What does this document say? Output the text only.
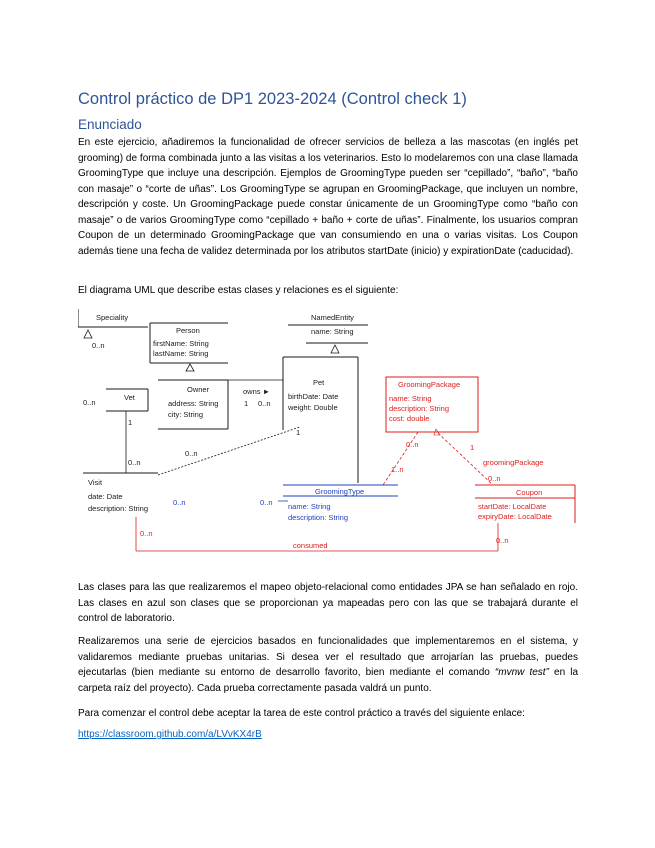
Control práctico de DP1 2023-2024 (Control check 1)
Enunciado

En este ejercicio, añadiremos la funcionalidad de ofrecer servicios de belleza a las mascotas (en inglés pet grooming) de forma combinada junto a las visitas a los veterinarios. Esto lo modelaremos con una clase llamada GroomingType que incluye una descripción. Ejemplos de GroomingType pueden ser “cepillado”, “baño”, “baño con masaje” o “corte de uñas”. Los GroomingType se agrupan en GroomingPackage, que incluyen un nombre, descripción y coste. Un GroomingPackage puede constar únicamente de un GroomingType como “baño con masaje” o de varios GroomingType como “cepillado + baño + corte de uñas”. Finalmente, los usuarios compran Coupon de un determinado GroomingPackage que van consumiendo en una o varias visitas. Los Coupon además tiene una fecha de validez determinada por los atributos startDate (inicio) y expirationDate (caducidad).

El diagrama UML que describe estas clases y relaciones es el siguiente:

Speciality
0..n
Person
firstName: String
lastName: String
NamedEntity
name: String
Vet
0..n
1
Owner
address: String
city: String
owns ►
1 0..n
Pet
birthDate: Date
weight: Double
1
0..n
0..n
Visit
date: Date
description: String
0..n
0..n
GroomingType
name: String
description: String
0..n
GroomingPackage
name: String
description: String
cost: double
0..n
1..n
1
groomingPackage
0..n
Coupon
startDate: LocalDate
expiryDate: LocalDate
0..n
consumed

Las clases para las que realizaremos el mapeo objeto-relacional como entidades JPA se han señalado en rojo. Las clases en azul son clases que se proporcionan ya mapeadas pero con las que se trabajará durante el control de laboratorio.

Realizaremos una serie de ejercicios basados en funcionalidades que implementaremos en el sistema, y validaremos mediante pruebas unitarias. Si desea ver el resultado que arrojarían las pruebas, puedes ejecutarlas (bien mediante su entorno de desarrollo favorito, bien mediante el comando “mvnw test” en la carpeta raíz del proyecto). Cada prueba correctamente pasada valdrá un punto.

Para comenzar el control debe aceptar la tarea de este control práctico a través del siguiente enlace:

https://classroom.github.com/a/LVvKX4rB
